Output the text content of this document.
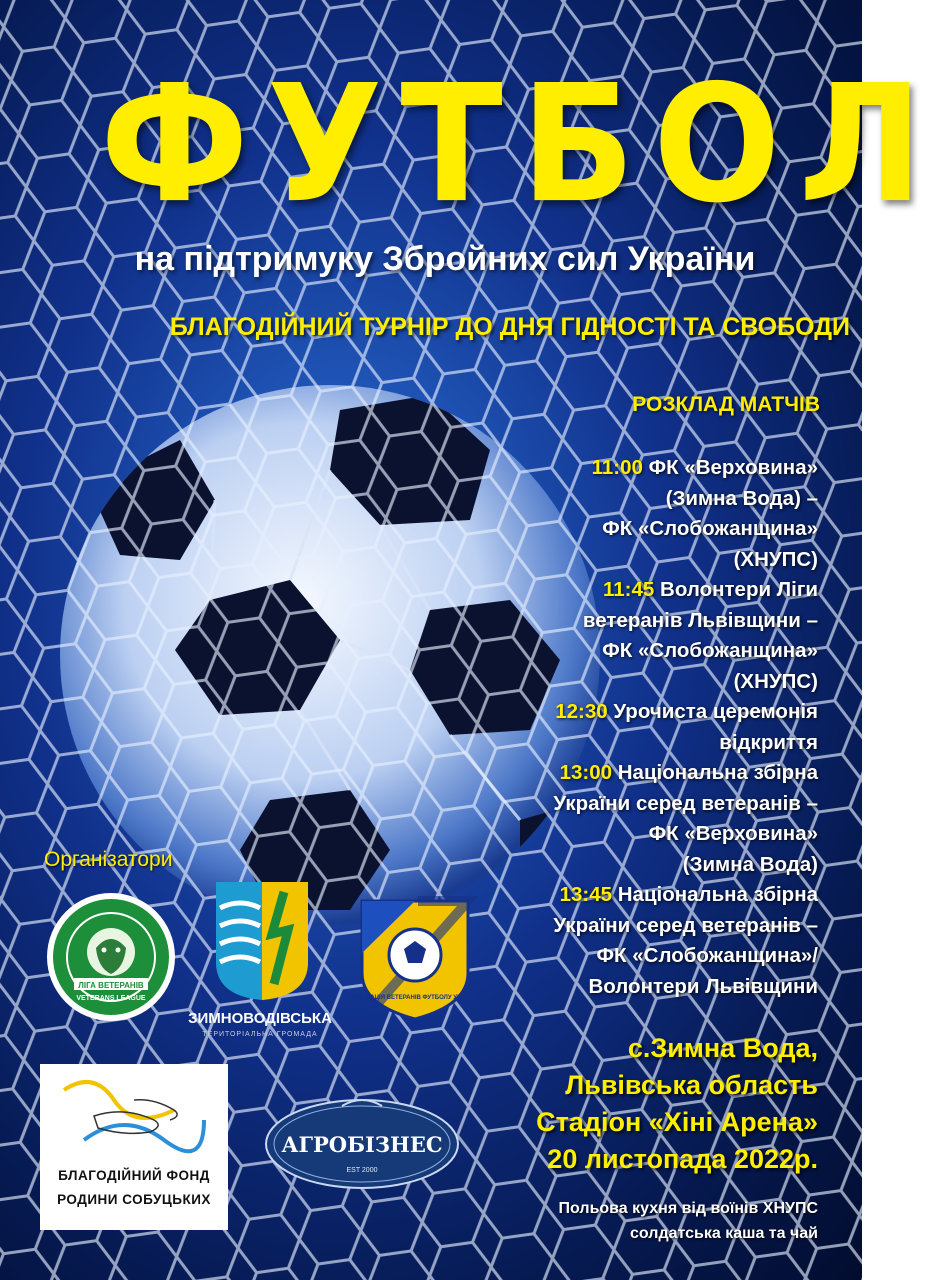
ФУТБОЛ
на підтримуку Збройних сил України
БЛАГОДІЙНИЙ ТУРНІР ДО ДНЯ ГІДНОСТІ ТА СВОБОДИ
РОЗКЛАД МАТЧІВ
11:00 ФК «Верховина»
(Зимна Вода) –
ФК «Слобожанщина»
(ХНУПС)
11:45 Волонтери Ліги
ветеранів Львівщини –
ФК «Слобожанщина»
(ХНУПС)
12:30 Урочиста церемонія
відкриття
13:00 Національна збірна
України серед ветеранів –
ФК «Верховина»
(Зимна Вода)
13:45 Національна збірна
України серед ветеранів –
ФК «Слобожанщина»/
Волонтери Львівщини
Організатори
ЛІГА ВЕТЕРАНІВ
VETERANS LEAGUE
ЗИМНОВОДІВСЬКА
ТЕРИТОРІАЛЬНА ГРОМАДА
АСОЦІАЦІЯ ВЕТЕРАНІВ ФУТБОЛУ УКРАЇНИ
БЛАГОДІЙНИЙ ФОНД
РОДИНИ СОБУЦЬКИХ
АГРОБІЗНЕС
EST 2000
с.Зимна Вода,
Львівська область
Стадіон «Хіні Арена»
20 листопада 2022р.
Польова кухня від воїнів ХНУПС
солдатська каша та чай
